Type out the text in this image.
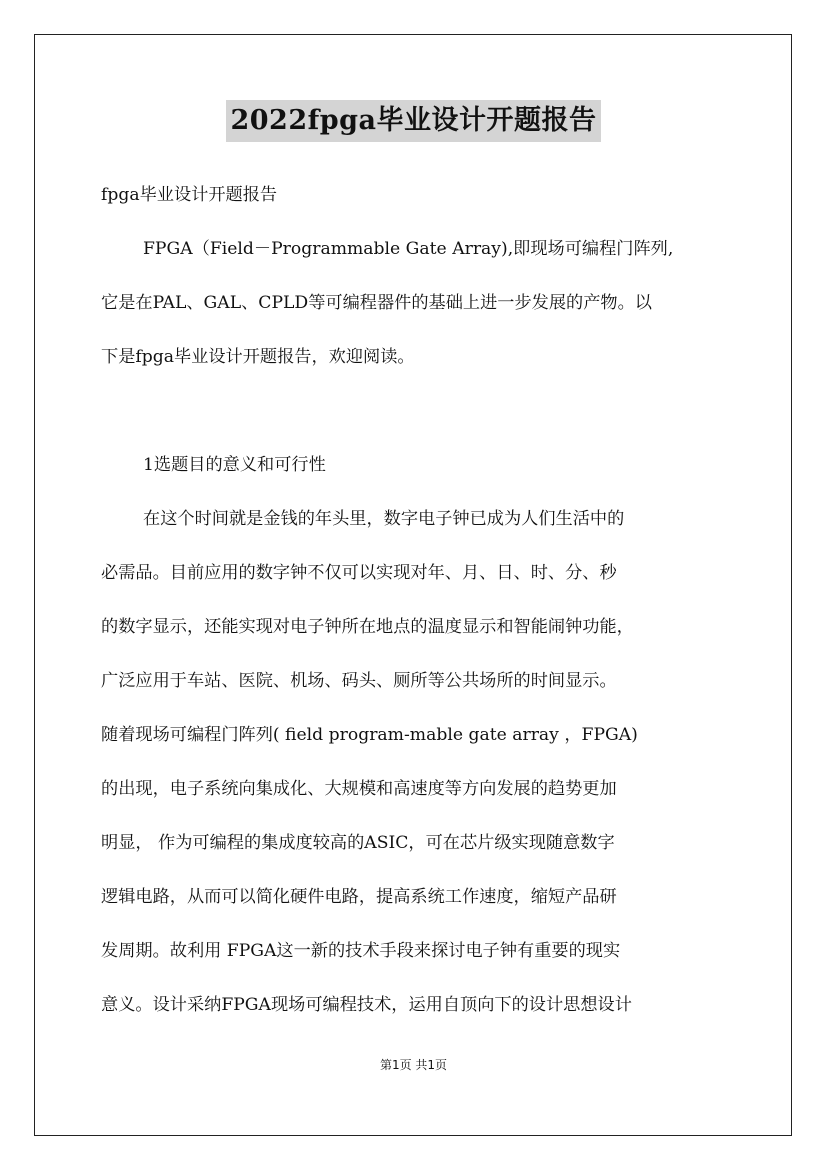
2022fpga毕业设计开题报告
fpga毕业设计开题报告
FPGA（Field－Programmable Gate Array),即现场可编程门阵列,
它是在PAL、GAL、CPLD等可编程器件的基础上进一步发展的产物。以
下是fpga毕业设计开题报告，欢迎阅读。
1选题目的意义和可行性
在这个时间就是金钱的年头里，数字电子钟已成为人们生活中的
必需品。目前应用的数字钟不仅可以实现对年、月、日、时、分、秒
的数字显示，还能实现对电子钟所在地点的温度显示和智能闹钟功能，
广泛应用于车站、医院、机场、码头、厕所等公共场所的时间显示。
随着现场可编程门阵列( field program-mable gate array ，FPGA)
的出现，电子系统向集成化、大规模和高速度等方向发展的趋势更加
明显， 作为可编程的集成度较高的ASIC，可在芯片级实现随意数字
逻辑电路，从而可以简化硬件电路，提高系统工作速度，缩短产品研
发周期。故利用 FPGA这一新的技术手段来探讨电子钟有重要的现实
意义。设计采纳FPGA现场可编程技术，运用自顶向下的设计思想设计
第1页 共1页
